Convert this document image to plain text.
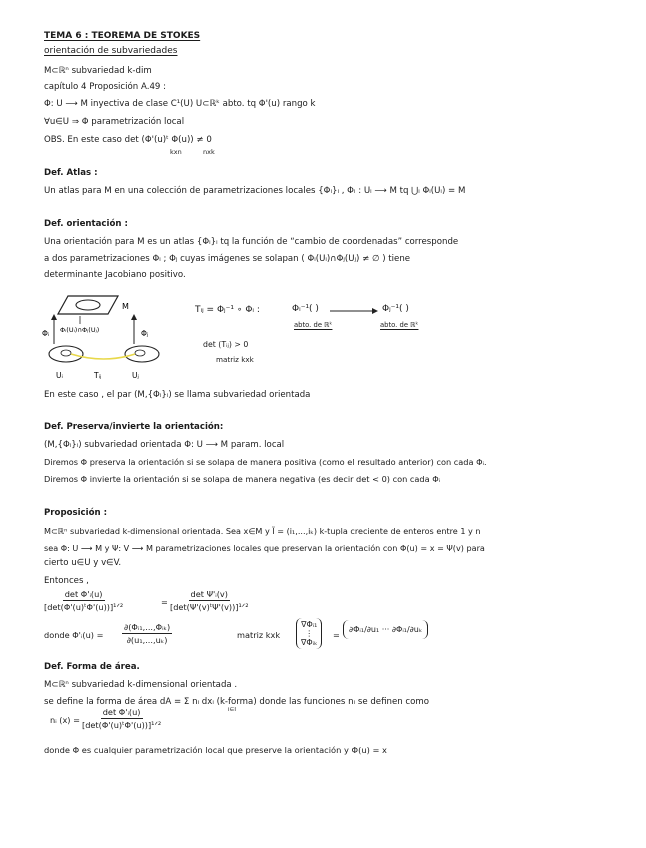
TEMA 6 : TEOREMA DE STOKES
orientación de subvariedades
M⊂ℝⁿ subvariedad k-dim
capítulo 4 Proposición A.49 :
Φ: U ⟶ M inyectiva de clase C¹(U) U⊂ℝᵏ abto. tq Φ'(u) rango k
∀u∈U ⇒ Φ parametrización local
OBS. En este caso det (Φ'(u)ᵗ Φ(u)) ≠ 0
kxn	nxk
Def. Atlas :
Un atlas para M en una colección de parametrizaciones locales {Φᵢ}ᵢ , Φᵢ : Uᵢ ⟶ M tq ⋃ᵢ Φᵢ(Uᵢ) = M
Def. orientación :
Una orientación para M es un atlas {Φᵢ}ᵢ tq la función de “cambio de coordenadas” corresponde
a dos parametrizaciones Φᵢ ; Φⱼ cuyas imágenes se solapan ( Φᵢ(Uᵢ)∩Φⱼ(Uⱼ) ≠ ∅ ) tiene
determinante Jacobiano positivo.
M
Φᵢ(Uᵢ)∩Φⱼ(Uⱼ)
Φᵢ	Φⱼ
Uᵢ	Tᵢⱼ	Uⱼ
Tᵢⱼ = Φⱼ⁻¹ ∘ Φᵢ :	Φᵢ⁻¹( )	Φⱼ⁻¹( )
abto. de ℝᵏ	abto. de ℝᵏ
det (Tᵢⱼ) > 0
matriz kxk
En este caso , el par (M,{Φᵢ}ᵢ) se llama subvariedad orientada
Def. Preserva/invierte la orientación:
(M,{Φᵢ}ᵢ) subvariedad orientada Φ: U ⟶ M param. local
Diremos Φ preserva la orientación si se solapa de manera positiva (como el resultado anterior) con cada Φᵢ.
Diremos Φ invierte la orientación si se solapa de manera negativa (es decir det < 0) con cada Φᵢ
Proposición :
M⊂ℝⁿ subvariedad k-dimensional orientada. Sea x∈M y Ĩ = (i₁,...,iₖ) k-tupla creciente de enteros entre 1 y n
sea Φ: U ⟶ M y Ψ: V ⟶ M parametrizaciones locales que preservan la orientación con Φ(u) = x = Ψ(v) para
cierto u∈U y v∈V.
Entonces ,
det Φ'ᵢ(u)
[det(Φ'(u)ᵗΦ'(u))]¹ᐟ²	=
det Ψ'ᵢ(v)
[det(Ψ'(v)ᵗΨ'(v))]¹ᐟ²
donde Φ'ᵢ(u) =
∂(Φᵢ₁,...,Φᵢₖ)
∂(u₁,...,uₖ)	matriz kxk
∇Φᵢ₁
⋮
∇Φᵢₖ
=
∂Φᵢ₁/∂u₁ ··· ∂Φᵢ₁/∂uₖ
Def. Forma de área.
M⊂ℝⁿ subvariedad k-dimensional orientada .
se define la forma de área dA = Σ nᵢ dxᵢ (k-forma) donde las funciones nᵢ se definen como
i∈I
nᵢ (x) =
det Φ'ᵢ(u)
[det(Φ'(u)ᵗΦ'(u))]¹ᐟ²
donde Φ es cualquier parametrización local que preserve la orientación y Φ(u) = x
